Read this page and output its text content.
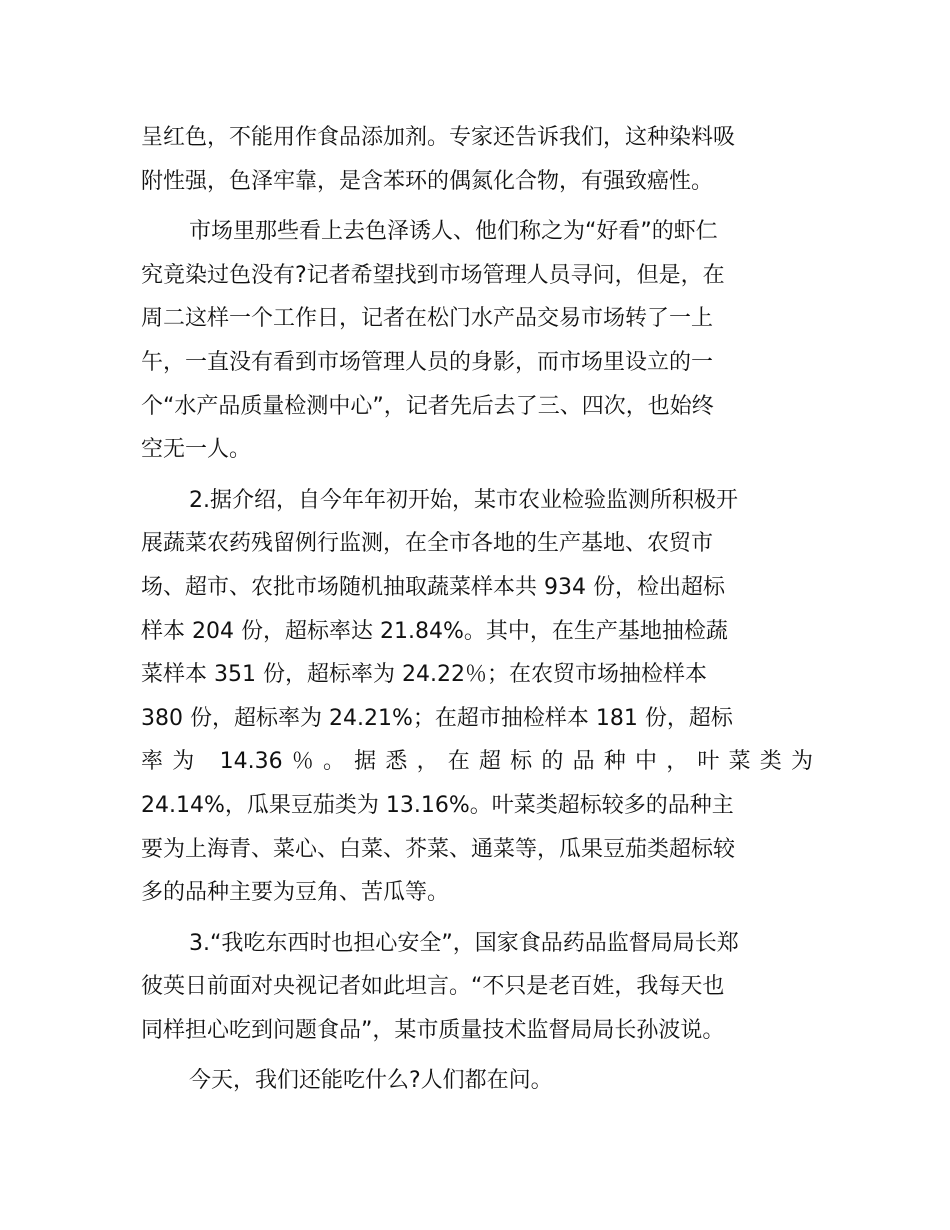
呈红色，不能用作食品添加剂。专家还告诉我们，这种染料吸
附性强，色泽牢靠，是含苯环的偶氮化合物，有强致癌性。

市场里那些看上去色泽诱人、他们称之为“好看”的虾仁
究竟染过色没有?记者希望找到市场管理人员寻问，但是，在
周二这样一个工作日，记者在松门水产品交易市场转了一上
午，一直没有看到市场管理人员的身影，而市场里设立的一
个“水产品质量检测中心”，记者先后去了三、四次，也始终
空无一人。

2.据介绍，自今年年初开始，某市农业检验监测所积极开
展蔬菜农药残留例行监测，在全市各地的生产基地、农贸市
场、超市、农批市场随机抽取蔬菜样本共 934 份，检出超标
样本 204 份，超标率达 21.84%。其中，在生产基地抽检蔬
菜样本 351 份，超标率为 24.22％；在农贸市场抽检样本
380 份，超标率为 24.21%；在超市抽检样本 181 份，超标
率为 14.36％。据悉，在超标的品种中，叶菜类为
24.14%，瓜果豆茄类为 13.16%。叶菜类超标较多的品种主
要为上海青、菜心、白菜、芥菜、通菜等，瓜果豆茄类超标较
多的品种主要为豆角、苦瓜等。

3.“我吃东西时也担心安全”，国家食品药品监督局局长郑
彼英日前面对央视记者如此坦言。“不只是老百姓，我每天也
同样担心吃到问题食品”，某市质量技术监督局局长孙波说。

今天，我们还能吃什么?人们都在问。
